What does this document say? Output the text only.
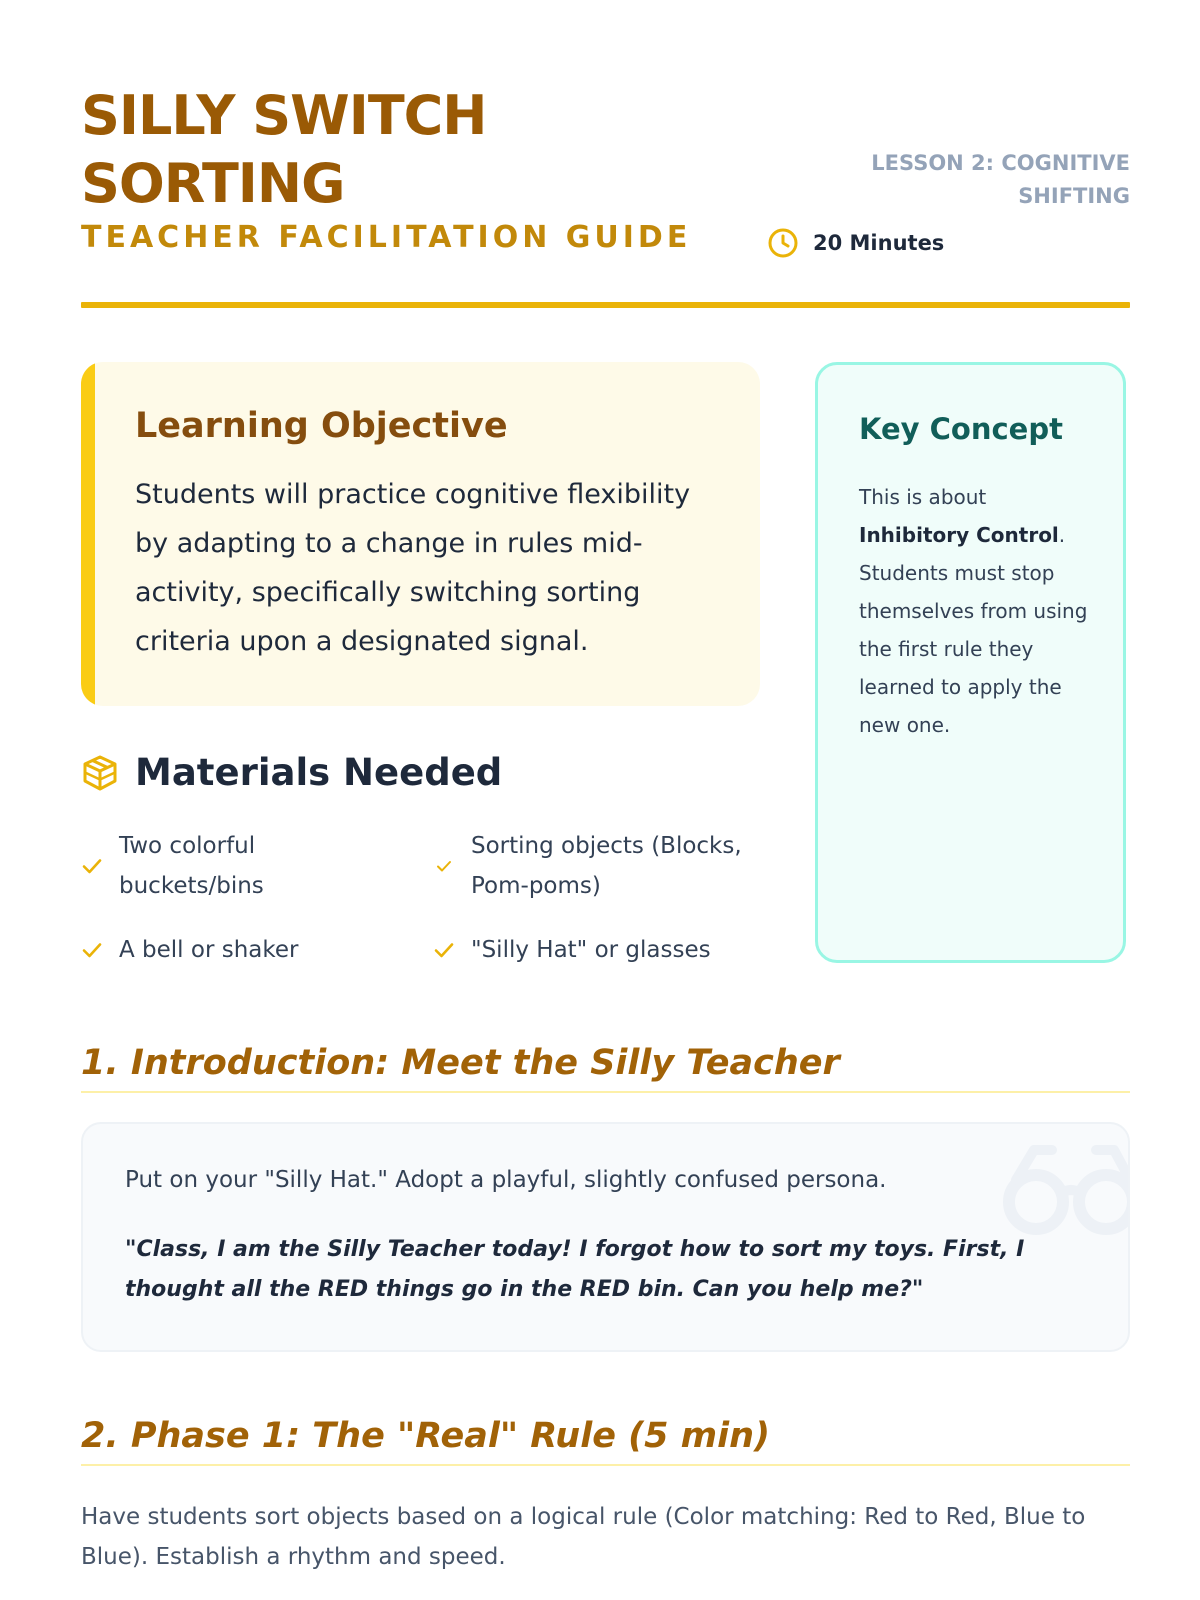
SILLY SWITCH SORTING
TEACHER FACILITATION GUIDE
LESSON 2: COGNITIVE SHIFTING
20 Minutes
Learning Objective

Students will practice cognitive flexibility by adapting to a change in rules mid-activity, specifically switching sorting criteria upon a designated signal.

Key Concept

This is about Inhibitory Control. Students must stop themselves from using the first rule they learned to apply the new one.

Materials Needed
Two colorful buckets/bins
Sorting objects (Blocks, Pom-poms)
A bell or shaker	"Silly Hat" or glasses
1. Introduction: Meet the Silly Teacher

Put on your "Silly Hat." Adopt a playful, slightly confused persona.

"Class, I am the Silly Teacher today! I forgot how to sort my toys. First, I thought all the RED things go in the RED bin. Can you help me?"

2. Phase 1: The "Real" Rule (5 min)

Have students sort objects based on a logical rule (Color matching: Red to Red, Blue to Blue). Establish a rhythm and speed.
